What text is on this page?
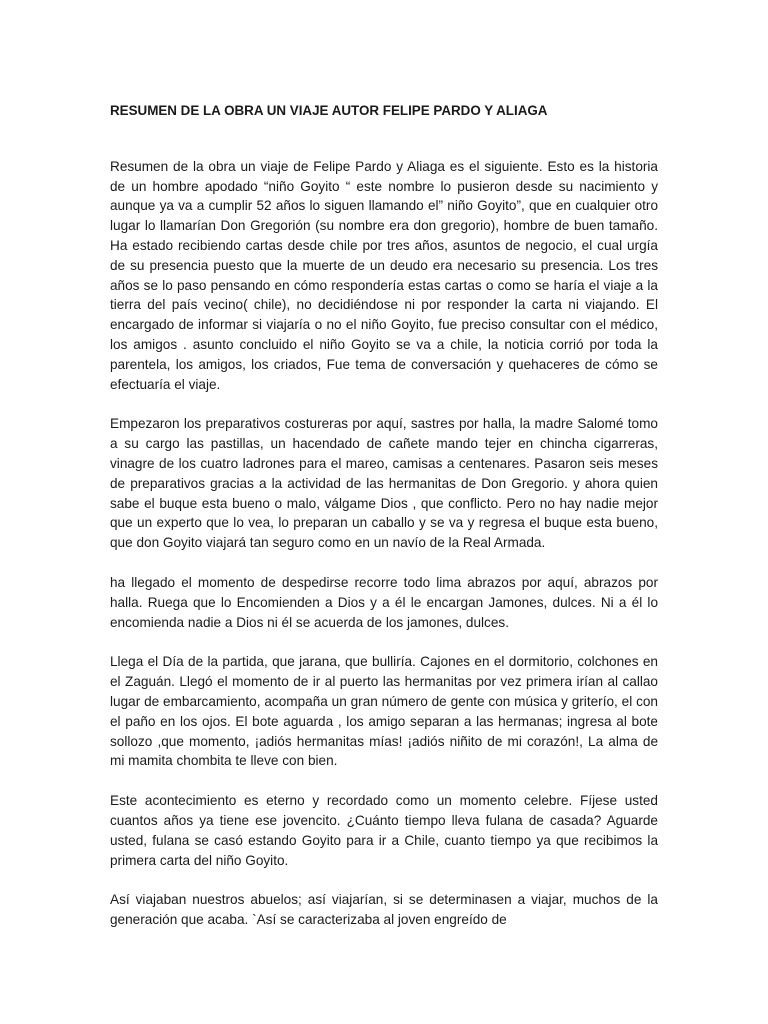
RESUMEN DE LA OBRA UN VIAJE AUTOR FELIPE PARDO Y ALIAGA

Resumen de la obra un viaje de Felipe Pardo y Aliaga es el siguiente. Esto es la historia de un hombre apodado “niño Goyito “ este nombre lo pusieron desde su nacimiento y aunque ya va a cumplir 52 años lo siguen llamando el” niño Goyito”, que en cualquier otro lugar lo llamarían Don Gregorión (su nombre era don gregorio), hombre de buen tamaño. Ha estado recibiendo cartas desde chile por tres años, asuntos de negocio, el cual urgía de su presencia puesto que la muerte de un deudo era necesario su presencia. Los tres años se lo paso pensando en cómo respondería estas cartas o como se haría el viaje a la tierra del país vecino( chile), no decidiéndose ni por responder la carta ni viajando. El encargado de informar si viajaría o no el niño Goyito, fue preciso consultar con el médico, los amigos . asunto concluido el niño Goyito se va a chile, la noticia corrió por toda la parentela, los amigos, los criados, Fue tema de conversación y quehaceres de cómo se efectuaría el viaje.

Empezaron los preparativos costureras por aquí, sastres por halla, la madre Salomé tomo a su cargo las pastillas, un hacendado de cañete mando tejer en chincha cigarreras, vinagre de los cuatro ladrones para el mareo, camisas a centenares. Pasaron seis meses de preparativos gracias a la actividad de las hermanitas de Don Gregorio. y ahora quien sabe el buque esta bueno o malo, válgame Dios , que conflicto. Pero no hay nadie mejor que un experto que lo vea, lo preparan un caballo y se va y regresa el buque esta bueno, que don Goyito viajará tan seguro como en un navío de la Real Armada.

ha llegado el momento de despedirse recorre todo lima abrazos por aquí, abrazos por halla. Ruega que lo Encomienden a Dios y a él le encargan Jamones, dulces. Ni a él lo encomienda nadie a Dios ni él se acuerda de los jamones, dulces.

Llega el Día de la partida, que jarana, que bulliría. Cajones en el dormitorio, colchones en el Zaguán. Llegó el momento de ir al puerto las hermanitas por vez primera irían al callao lugar de embarcamiento, acompaña un gran número de gente con música y griterío, el con el paño en los ojos. El bote aguarda , los amigo separan a las hermanas; ingresa al bote sollozo ,que momento, ¡adiós hermanitas mías! ¡adiós niñito de mi corazón!, La alma de mi mamita chombita te lleve con bien.

Este acontecimiento es eterno y recordado como un momento celebre. Fíjese usted cuantos años ya tiene ese jovencito. ¿Cuánto tiempo lleva fulana de casada? Aguarde usted, fulana se casó estando Goyito para ir a Chile, cuanto tiempo ya que recibimos la primera carta del niño Goyito.

Así viajaban nuestros abuelos; así viajarían, si se determinasen a viajar, muchos de la generación que acaba. `Así se caracterizaba al joven engreído de
